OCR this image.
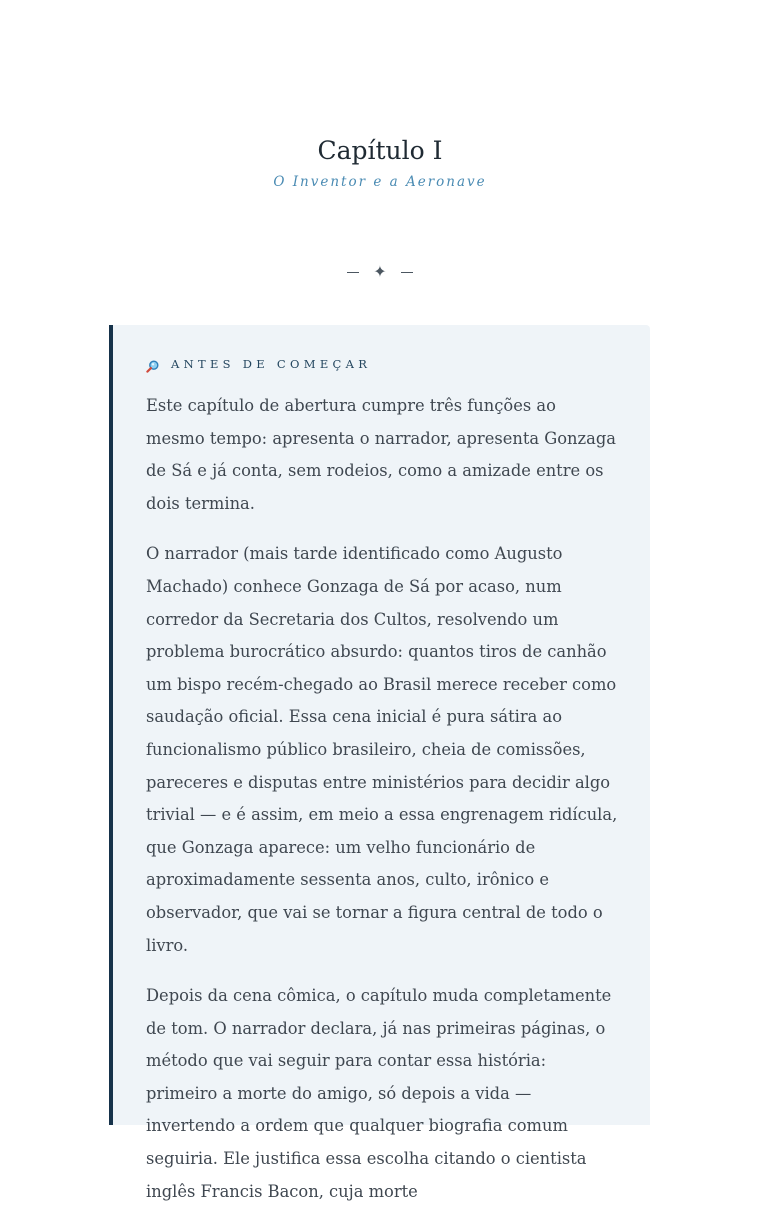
Capítulo I
O Inventor e a Aeronave
✦
ANTES DE COMEÇAR

Este capítulo de abertura cumpre três funções ao mesmo tempo: apresenta o narrador, apresenta Gonzaga de Sá e já conta, sem rodeios, como a amizade entre os dois termina.

O narrador (mais tarde identificado como Augusto Machado) conhece Gonzaga de Sá por acaso, num corredor da Secretaria dos Cultos, resolvendo um problema burocrático absurdo: quantos tiros de canhão um bispo recém-chegado ao Brasil merece receber como saudação oficial. Essa cena inicial é pura sátira ao funcionalismo público brasileiro, cheia de comissões, pareceres e disputas entre ministérios para decidir algo trivial — e é assim, em meio a essa engrenagem ridícula, que Gonzaga aparece: um velho funcionário de aproximadamente sessenta anos, culto, irônico e observador, que vai se tornar a figura central de todo o livro.

Depois da cena cômica, o capítulo muda completamente de tom. O narrador declara, já nas primeiras páginas, o método que vai seguir para contar essa história: primeiro a morte do amigo, só depois a vida — invertendo a ordem que qualquer biografia comum seguiria. Ele justifica essa escolha citando o cientista inglês Francis Bacon, cuja morte
